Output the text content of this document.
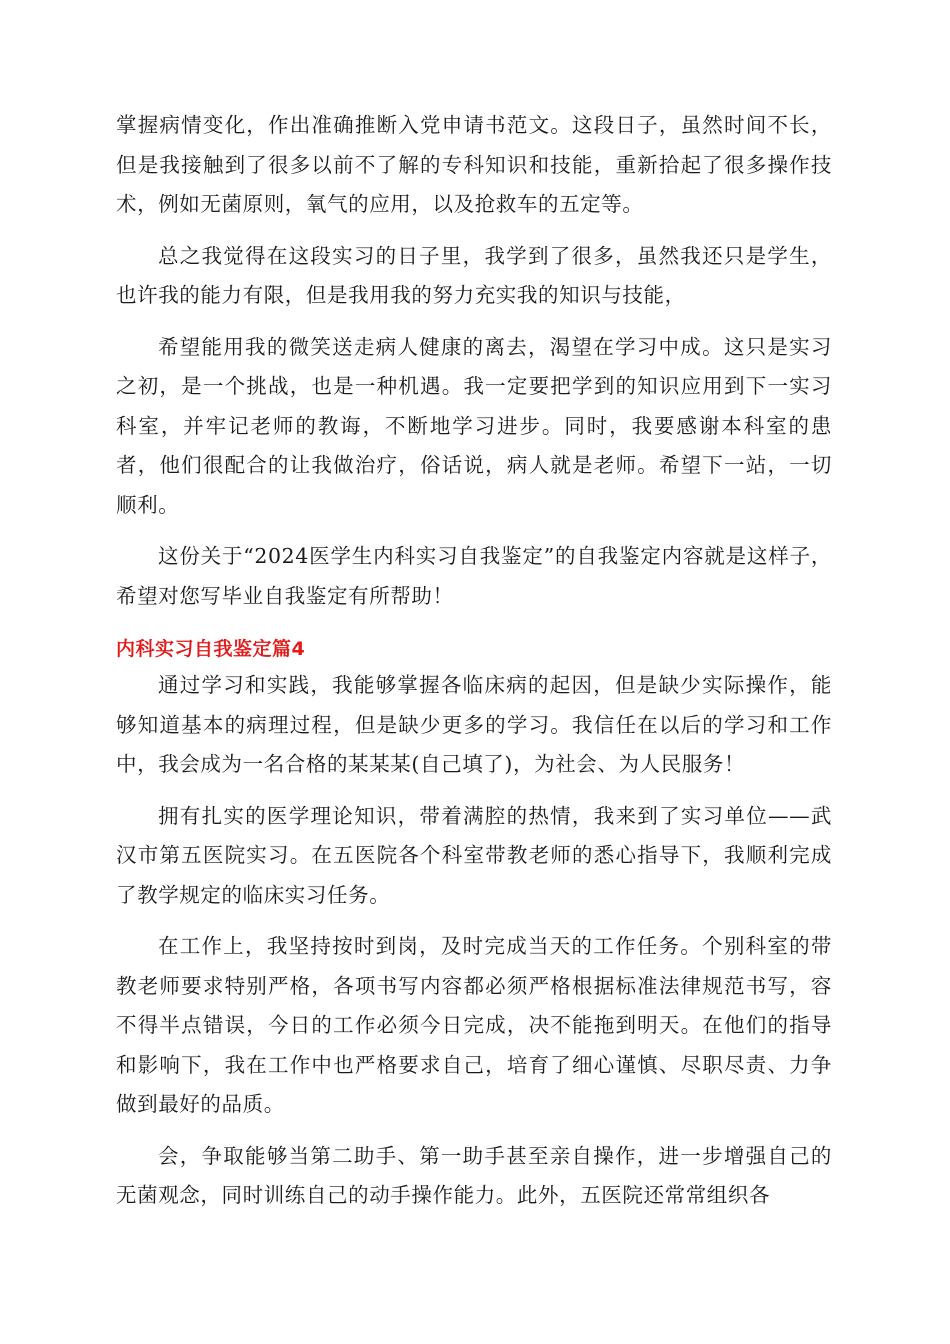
掌握病情变化，作出准确推断入党申请书范文。这段日子，虽然时间不长，但是我接触到了很多以前不了解的专科知识和技能，重新拾起了很多操作技术，例如无菌原则，氧气的应用，以及抢救车的五定等。

总之我觉得在这段实习的日子里，我学到了很多，虽然我还只是学生，也许我的能力有限，但是我用我的努力充实我的知识与技能，

希望能用我的微笑送走病人健康的离去，渴望在学习中成。这只是实习之初，是一个挑战，也是一种机遇。我一定要把学到的知识应用到下一实习科室，并牢记老师的教诲，不断地学习进步。同时，我要感谢本科室的患者，他们很配合的让我做治疗，俗话说，病人就是老师。希望下一站，一切顺利。

这份关于“2024医学生内科实习自我鉴定”的自我鉴定内容就是这样子，希望对您写毕业自我鉴定有所帮助！

内科实习自我鉴定篇4

通过学习和实践，我能够掌握各临床病的起因，但是缺少实际操作，能够知道基本的病理过程，但是缺少更多的学习。我信任在以后的学习和工作中，我会成为一名合格的某某某(自己填了)，为社会、为人民服务！

拥有扎实的医学理论知识，带着满腔的热情，我来到了实习单位——武汉市第五医院实习。在五医院各个科室带教老师的悉心指导下，我顺利完成了教学规定的临床实习任务。

在工作上，我坚持按时到岗，及时完成当天的工作任务。个别科室的带教老师要求特别严格，各项书写内容都必须严格根据标准法律规范书写，容不得半点错误，今日的工作必须今日完成，决不能拖到明天。在他们的指导和影响下，我在工作中也严格要求自己，培育了细心谨慎、尽职尽责、力争做到最好的品质。

会，争取能够当第二助手、第一助手甚至亲自操作，进一步增强自己的无菌观念，同时训练自己的动手操作能力。此外，五医院还常常组织各
